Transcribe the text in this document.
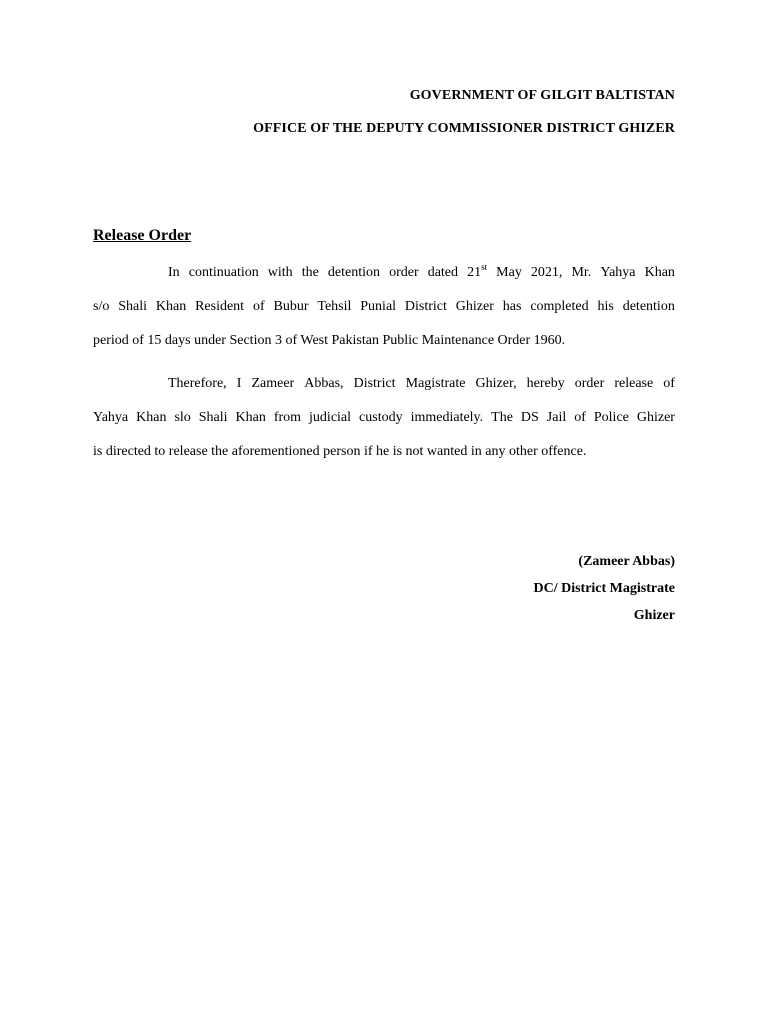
GOVERNMENT OF GILGIT BALTISTAN
OFFICE OF THE DEPUTY COMMISSIONER DISTRICT GHIZER
Release Order
In continuation with the detention order dated 21st May 2021, Mr. Yahya Khan
s/o Shali Khan Resident of Bubur Tehsil Punial District Ghizer has completed his detention
period of 15 days under Section 3 of West Pakistan Public Maintenance Order 1960.
Therefore, I Zameer Abbas, District Magistrate Ghizer, hereby order release of
Yahya Khan slo Shali Khan from judicial custody immediately. The DS Jail of Police Ghizer
is directed to release the aforementioned person if he is not wanted in any other offence.
(Zameer Abbas)
DC/ District Magistrate
Ghizer
